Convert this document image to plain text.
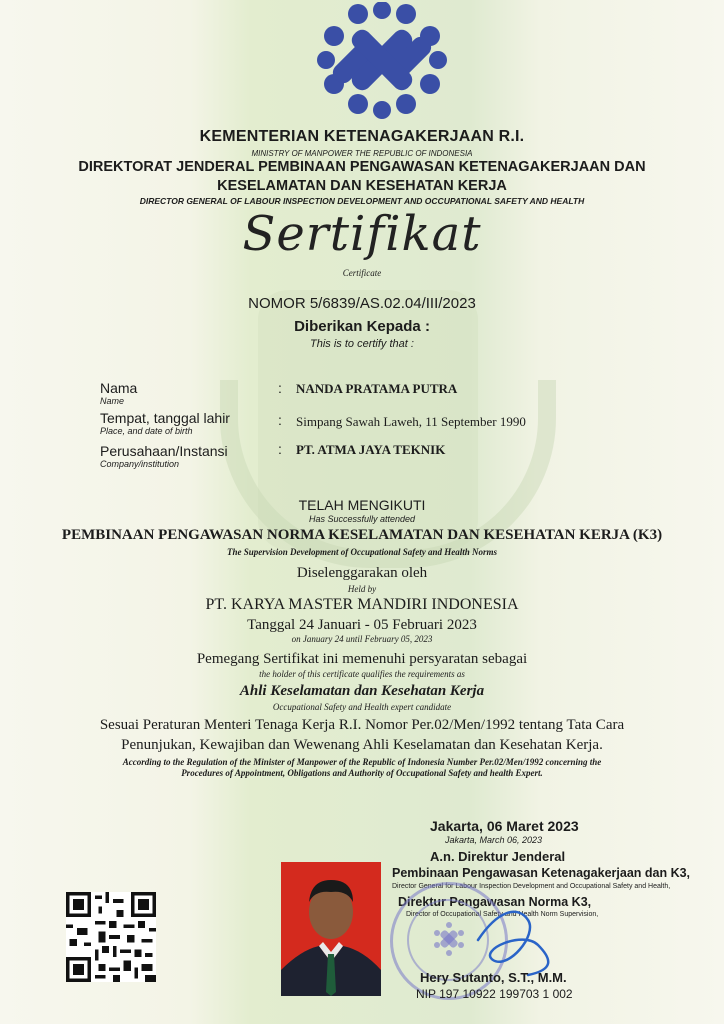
KEMENTERIAN KETENAGAKERJAAN R.I.
MINISTRY OF MANPOWER THE REPUBLIC OF INDONESIA
DIREKTORAT JENDERAL PEMBINAAN PENGAWASAN KETENAGAKERJAAN DAN
KESELAMATAN DAN KESEHATAN KERJA
DIRECTOR GENERAL OF LABOUR INSPECTION DEVELOPMENT AND OCCUPATIONAL SAFETY AND HEALTH
Sertifikat
Certificate
NOMOR 5/6839/AS.02.04/III/2023
Diberikan Kepada :
This is to certify that :
Nama
Name
: NANDA PRATAMA PUTRA
Tempat, tanggal lahir
Place, and date of birth
: Simpang Sawah Laweh, 11 September 1990
Perusahaan/Instansi
Company/institution
: PT. ATMA JAYA TEKNIK
TELAH MENGIKUTI
Has Successfully attended
PEMBINAAN PENGAWASAN NORMA KESELAMATAN DAN KESEHATAN KERJA (K3)
The Supervision Development of Occupational Safety and Health Norms
Diselenggarakan oleh
Held by
PT. KARYA MASTER MANDIRI INDONESIA
Tanggal 24 Januari - 05 Februari 2023
on January 24 until February 05, 2023
Pemegang Sertifikat ini memenuhi persyaratan sebagai
the holder of this certificate qualifies the requirements as
Ahli Keselamatan dan Kesehatan Kerja
Occupational Safety and Health expert candidate
Sesuai Peraturan Menteri Tenaga Kerja R.I. Nomor Per.02/Men/1992 tentang Tata Cara
Penunjukan, Kewajiban dan Wewenang Ahli Keselamatan dan Kesehatan Kerja.
According to the Regulation of the Minister of Manpower of the Republic of Indonesia Number Per.02/Men/1992 concerning the
Procedures of Appointment, Obligations and Authority of Occupational Safety and health Expert.
Jakarta, 06 Maret 2023
Jakarta, March 06, 2023
A.n. Direktur Jenderal
Pembinaan Pengawasan Ketenagakerjaan dan K3,
Director General for Labour Inspection Development and Occupational Safety and Health,
Direktur Pengawasan Norma K3,
Director of Occupational Safety and Health Norm Supervision,
Hery Sutanto, S.T., M.M.
NIP 197 10922 199703 1 002
